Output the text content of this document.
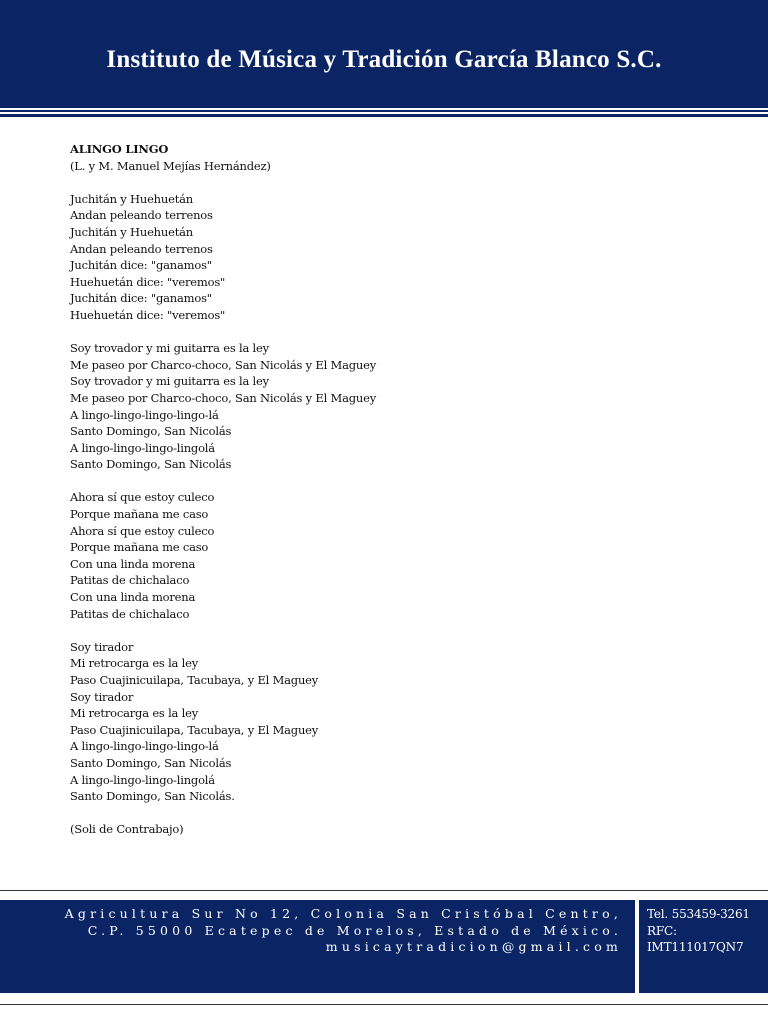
Instituto de Música y Tradición García Blanco S.C.
ALINGO LINGO
(L. y M. Manuel Mejías Hernández)
Juchitán y Huehuetán
Andan peleando terrenos
Juchitán y Huehuetán
Andan peleando terrenos
Juchitán dice: "ganamos"
Huehuetán dice: "veremos"
Juchitán dice: "ganamos"
Huehuetán dice: "veremos"
Soy trovador y mi guitarra es la ley
Me paseo por Charco-choco, San Nicolás y El Maguey
Soy trovador y mi guitarra es la ley
Me paseo por Charco-choco, San Nicolás y El Maguey
A lingo-lingo-lingo-lingo-lá
Santo Domingo, San Nicolás
A lingo-lingo-lingo-lingolá
Santo Domingo, San Nicolás
Ahora sí que estoy culeco
Porque mañana me caso
Ahora sí que estoy culeco
Porque mañana me caso
Con una linda morena
Patitas de chichalaco
Con una linda morena
Patitas de chichalaco
Soy tirador
Mi retrocarga es la ley
Paso Cuajinicuilapa, Tacubaya, y El Maguey
Soy tirador
Mi retrocarga es la ley
Paso Cuajinicuilapa, Tacubaya, y El Maguey
A lingo-lingo-lingo-lingo-lá
Santo Domingo, San Nicolás
A lingo-lingo-lingo-lingolá
Santo Domingo, San Nicolás.
(Soli de Contrabajo)
Agricultura Sur No 12, Colonia San Cristóbal Centro,
C.P. 55000 Ecatepec de Morelos, Estado de México.
musicaytradicion@gmail.com
Tel. 553459-3261
RFC:
IMT111017QN7
